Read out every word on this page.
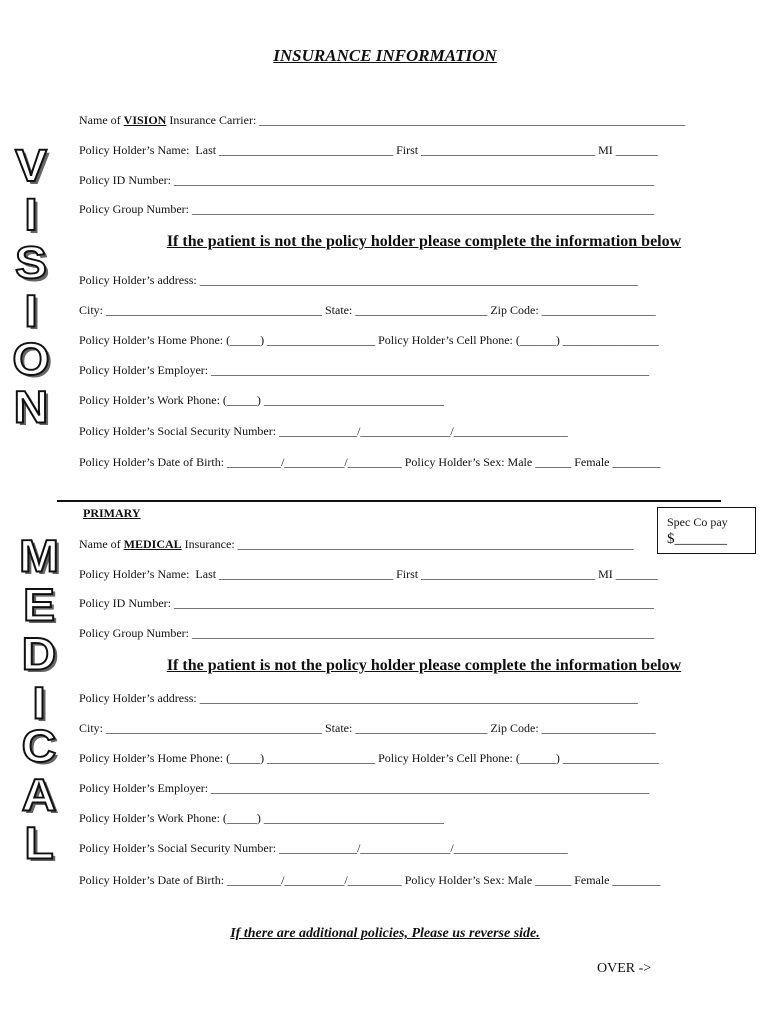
INSURANCE INFORMATION
V
I
S
I
O
N
Name of VISION Insurance Carrier: _______________________________________________________________________
Policy Holder’s Name:  Last _____________________________ First _____________________________ MI _______
Policy ID Number: ________________________________________________________________________________
Policy Group Number: _____________________________________________________________________________
If the patient is not the policy holder please complete the information below
Policy Holder’s address: _________________________________________________________________________
City: ____________________________________ State: ______________________ Zip Code: ___________________
Policy Holder’s Home Phone: (_____) __________________ Policy Holder’s Cell Phone: (______) ________________
Policy Holder’s Employer: _________________________________________________________________________
Policy Holder’s Work Phone: (_____) ______________________________
Policy Holder’s Social Security Number: _____________/_______________/___________________
Policy Holder’s Date of Birth: _________/__________/_________ Policy Holder’s Sex: Male ______ Female ________
PRIMARY
Spec Co pay
$_______
M
E
D
I
C
A
L
Name of MEDICAL Insurance: __________________________________________________________________
Policy Holder’s Name:  Last _____________________________ First _____________________________ MI _______
Policy ID Number: ________________________________________________________________________________
Policy Group Number: _____________________________________________________________________________
If the patient is not the policy holder please complete the information below
Policy Holder’s address: _________________________________________________________________________
City: ____________________________________ State: ______________________ Zip Code: ___________________
Policy Holder’s Home Phone: (_____) __________________ Policy Holder’s Cell Phone: (______) ________________
Policy Holder’s Employer: _________________________________________________________________________
Policy Holder’s Work Phone: (_____) ______________________________
Policy Holder’s Social Security Number: _____________/_______________/___________________
Policy Holder’s Date of Birth: _________/__________/_________ Policy Holder’s Sex: Male ______ Female ________
If there are additional policies, Please us reverse side.
OVER ->
